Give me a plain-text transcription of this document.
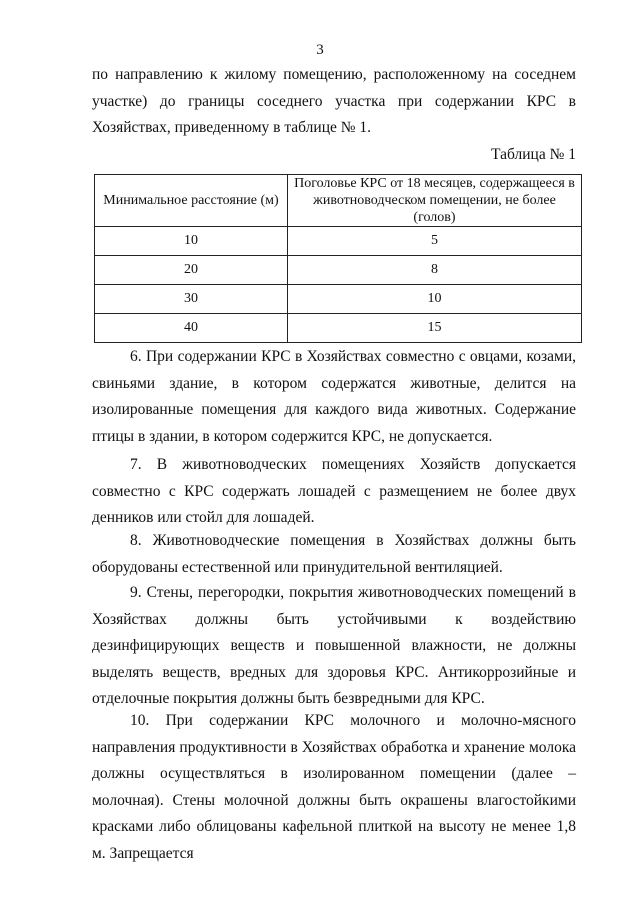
3

по направлению к жилому помещению, расположенному на соседнем участке) до границы соседнего участка при содержании КРС в Хозяйствах, приведенному в таблице № 1.

Таблица № 1
Минимальное расстояние (м)	Поголовье КРС от 18 месяцев, содержащееся в животноводческом помещении, не более (голов)
10	5
20	8
30	10
40	15

6. При содержании КРС в Хозяйствах совместно с овцами, козами, свиньями здание, в котором содержатся животные, делится на изолированные помещения для каждого вида животных. Содержание птицы в здании, в котором содержится КРС, не допускается.

7. В животноводческих помещениях Хозяйств допускается совместно с КРС содержать лошадей с размещением не более двух денников или стойл для лошадей.

8. Животноводческие помещения в Хозяйствах должны быть оборудованы естественной или принудительной вентиляцией.

9. Стены, перегородки, покрытия животноводческих помещений в Хозяйствах должны быть устойчивыми к воздействию дезинфицирующих веществ и повышенной влажности, не должны выделять веществ, вредных для здоровья КРС. Антикоррозийные и отделочные покрытия должны быть безвредными для КРС.

10. При содержании КРС молочного и молочно-мясного направления продуктивности в Хозяйствах обработка и хранение молока должны осуществляться в изолированном помещении (далее – молочная). Стены молочной должны быть окрашены влагостойкими красками либо облицованы кафельной плиткой на высоту не менее 1,8 м. Запрещается
